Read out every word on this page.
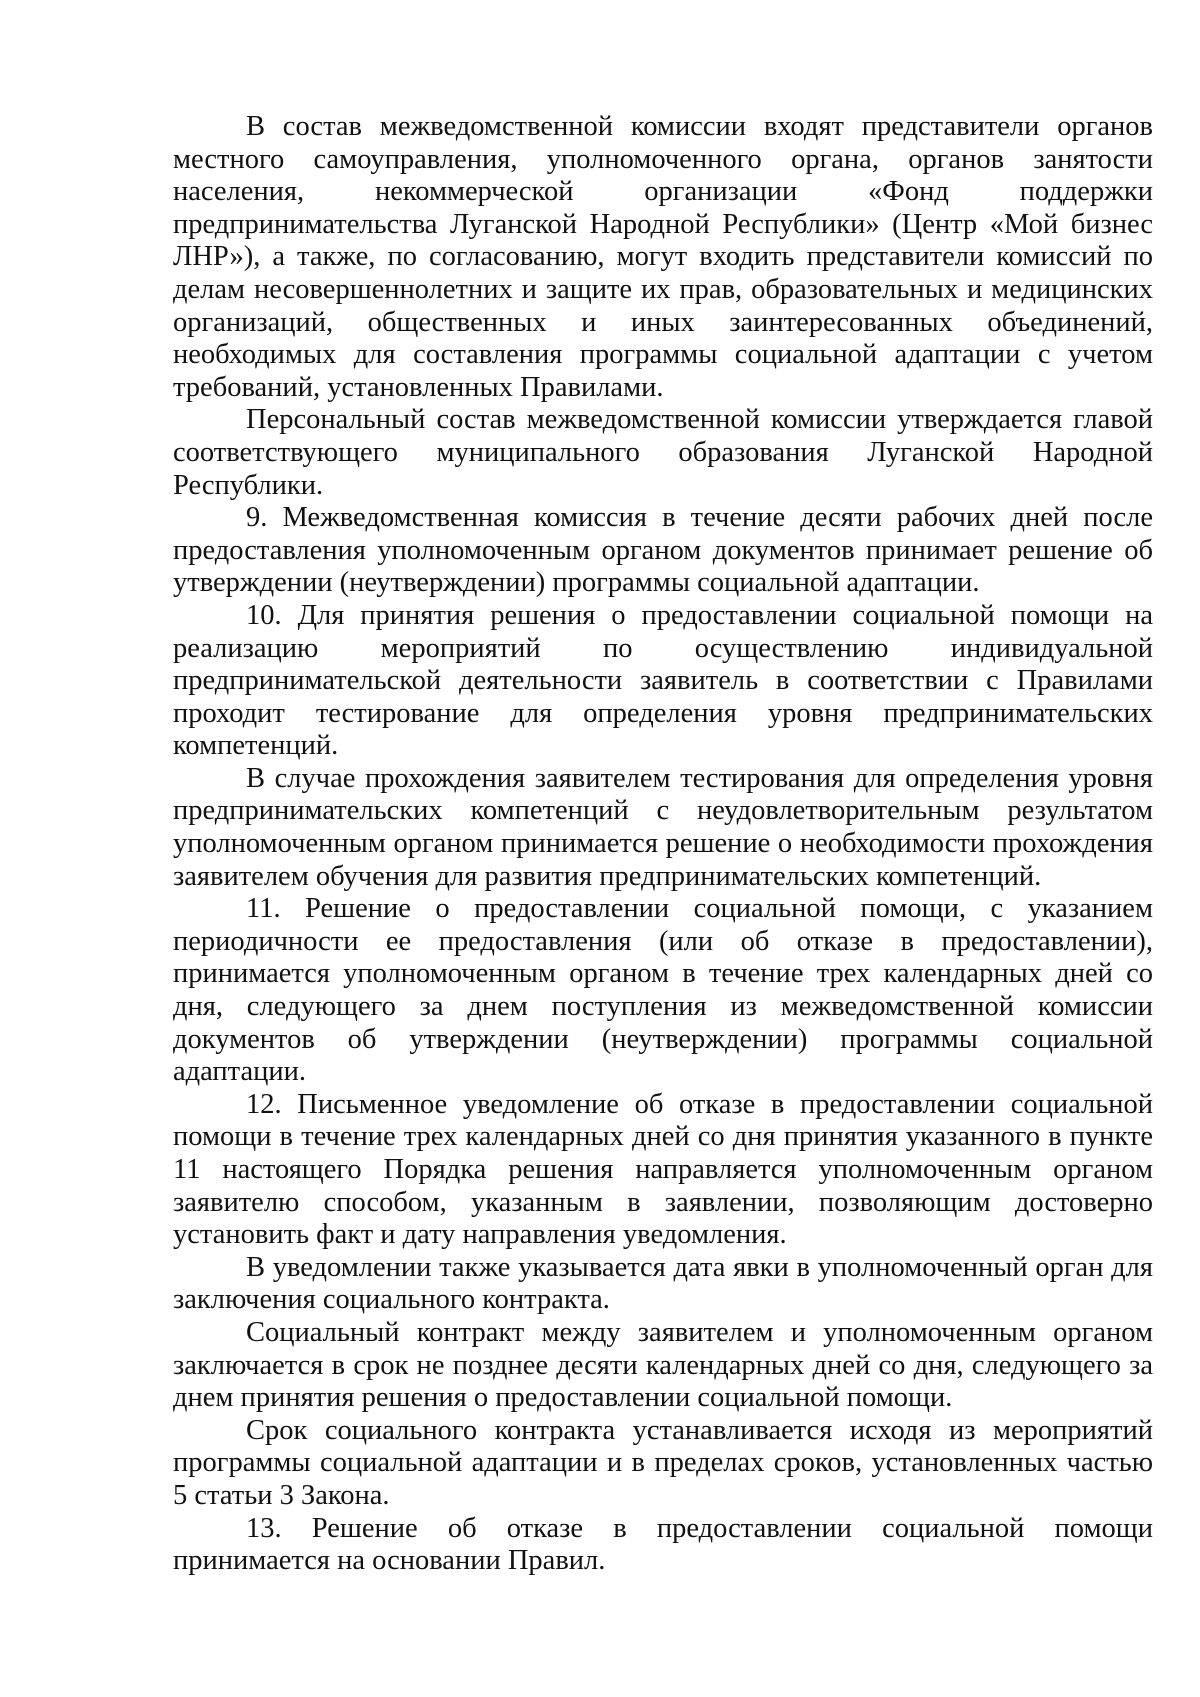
В состав межведомственной комиссии входят представители органов местного самоуправления, уполномоченного органа, органов занятости населения, некоммерческой организации «Фонд поддержки предпринимательства Луганской Народной Республики» (Центр «Мой бизнес ЛНР»), а также, по согласованию, могут входить представители комиссий по делам несовершеннолетних и защите их прав, образовательных и медицинских организаций, общественных и иных заинтересованных объединений, необходимых для составления программы социальной адаптации с учетом требований, установленных Правилами.

Персональный состав межведомственной комиссии утверждается главой соответствующего муниципального образования Луганской Народной Республики.

9. Межведомственная комиссия в течение десяти рабочих дней после предоставления уполномоченным органом документов принимает решение об утверждении (неутверждении) программы социальной адаптации.

10. Для принятия решения о предоставлении социальной помощи на реализацию мероприятий по осуществлению индивидуальной предпринимательской деятельности заявитель в соответствии с Правилами проходит тестирование для определения уровня предпринимательских компетенций.

В случае прохождения заявителем тестирования для определения уровня предпринимательских компетенций с неудовлетворительным результатом уполномоченным органом принимается решение о необходимости прохождения заявителем обучения для развития предпринимательских компетенций.

11. Решение о предоставлении социальной помощи, с указанием периодичности ее предоставления (или об отказе в предоставлении), принимается уполномоченным органом в течение трех календарных дней со дня, следующего за днем поступления из межведомственной комиссии документов об утверждении (неутверждении) программы социальной адаптации.

12. Письменное уведомление об отказе в предоставлении социальной помощи в течение трех календарных дней со дня принятия указанного в пункте 11 настоящего Порядка решения направляется уполномоченным органом заявителю способом, указанным в заявлении, позволяющим достоверно установить факт и дату направления уведомления.

В уведомлении также указывается дата явки в уполномоченный орган для заключения социального контракта.

Социальный контракт между заявителем и уполномоченным органом заключается в срок не позднее десяти календарных дней со дня, следующего за днем принятия решения о предоставлении социальной помощи.

Срок социального контракта устанавливается исходя из мероприятий программы социальной адаптации и в пределах сроков, установленных частью 5 статьи 3 Закона.

13. Решение об отказе в предоставлении социальной помощи принимается на основании Правил.
